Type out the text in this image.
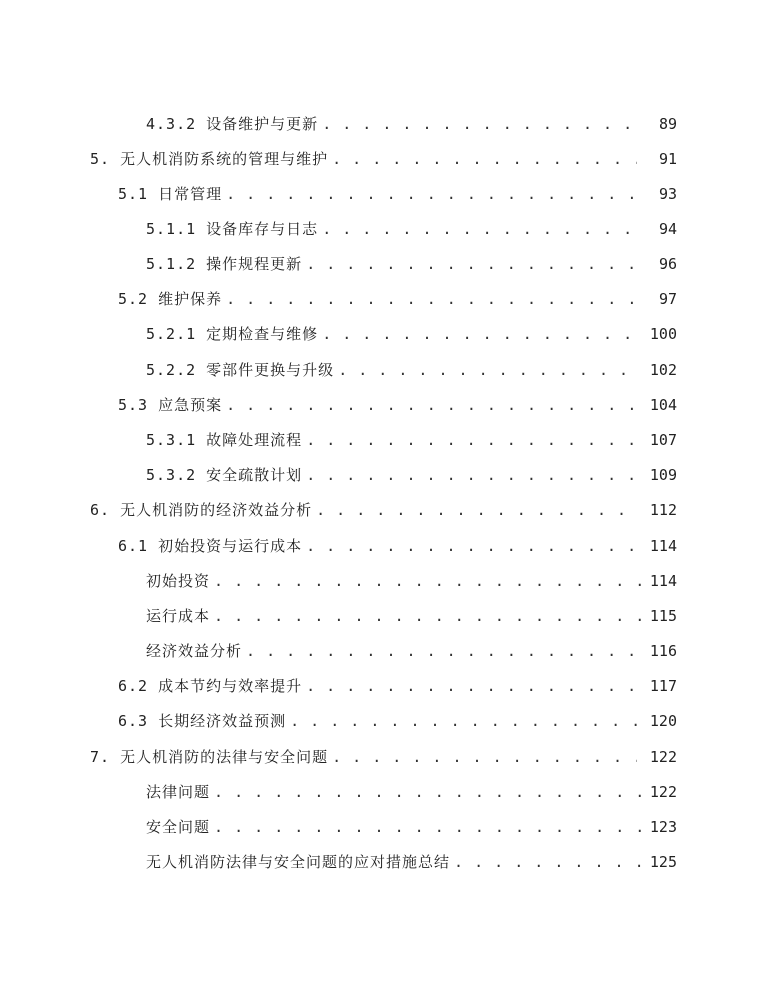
4.3.2 设备维护与更新 . . .	89
5. 无人机消防系统的管理与维护 . . .	91
5.1 日常管理 . . .	93
5.1.1 设备库存与日志 . . .	94
5.1.2 操作规程更新 . . .	96
5.2 维护保养 . . .	97
5.2.1 定期检查与维修 . . .	100
5.2.2 零部件更换与升级 . . .	102
5.3 应急预案 . . .	104
5.3.1 故障处理流程 . . .	107
5.3.2 安全疏散计划 . . .	109
6. 无人机消防的经济效益分析 . . .	112
6.1 初始投资与运行成本 . . .	114
初始投资 . . .	114
运行成本 . . .	115
经济效益分析 . . .	116
6.2 成本节约与效率提升 . . .	117
6.3 长期经济效益预测 . . .	120
7. 无人机消防的法律与安全问题 . . .	122
法律问题 . . .	122
安全问题 . . .	123
无人机消防法律与安全问题的应对措施总结 . . .	125
